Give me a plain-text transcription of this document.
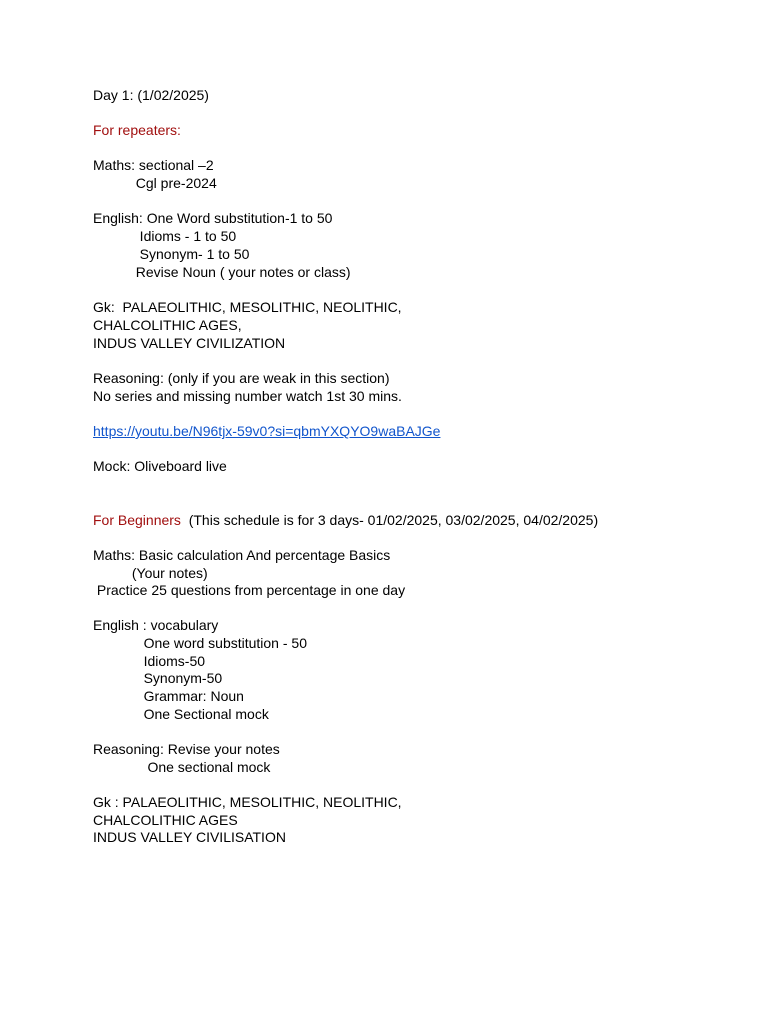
Day 1: (1/02/2025)
For repeaters:
Maths: sectional –2
Cgl pre-2024
English: One Word substitution-1 to 50
Idioms - 1 to 50
Synonym- 1 to 50
Revise Noun ( your notes or class)
Gk:  PALAEOLITHIC, MESOLITHIC, NEOLITHIC,
CHALCOLITHIC AGES,
INDUS VALLEY CIVILIZATION
Reasoning: (only if you are weak in this section)
No series and missing number watch 1st 30 mins.
https://youtu.be/N96tjx-59v0?si=qbmYXQYO9waBAJGe
Mock: Oliveboard live
For Beginners  (This schedule is for 3 days- 01/02/2025, 03/02/2025, 04/02/2025)
Maths: Basic calculation And percentage Basics
(Your notes)
Practice 25 questions from percentage in one day
English : vocabulary
One word substitution - 50
Idioms-50
Synonym-50
Grammar: Noun
One Sectional mock
Reasoning: Revise your notes
One sectional mock
Gk : PALAEOLITHIC, MESOLITHIC, NEOLITHIC,
CHALCOLITHIC AGES
INDUS VALLEY CIVILISATION
